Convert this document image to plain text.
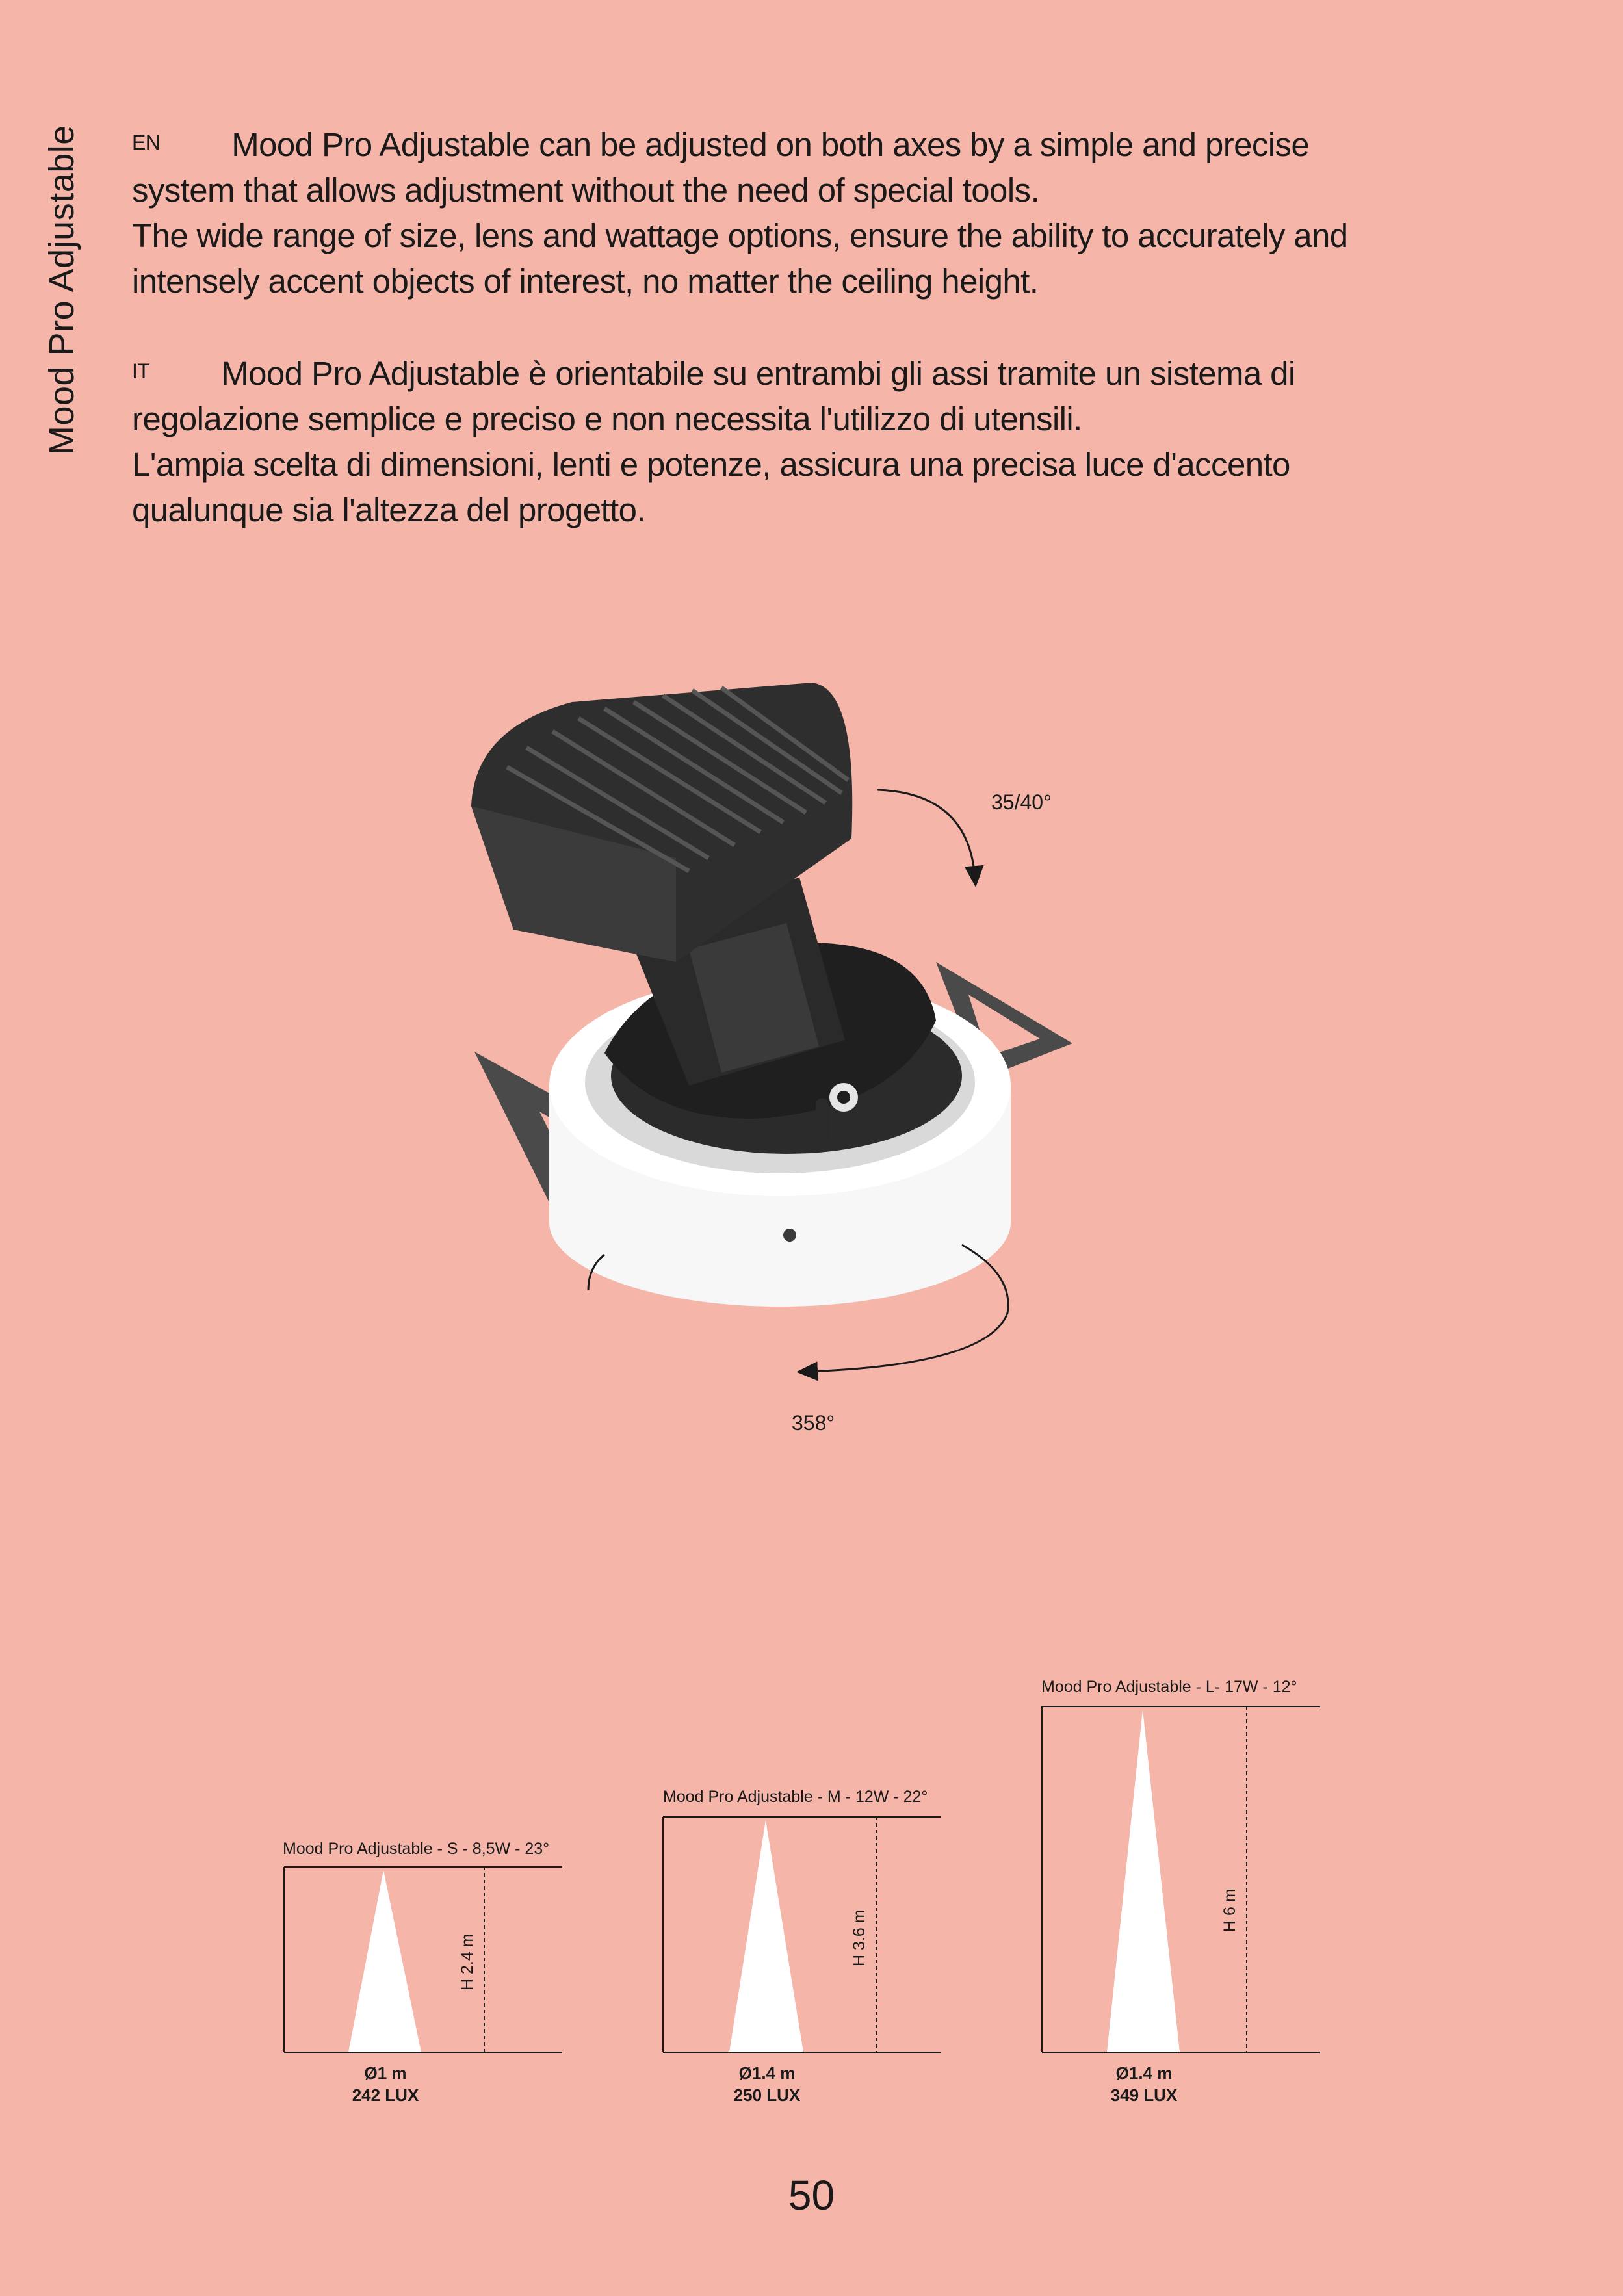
Mood Pro Adjustable	$^{EN}$ Mood Pro Adjustable can be adjusted on both axes by a simple and precise

system that allows adjustment without the need of special tools.

The wide range of size, lens and wattage options, ensure the ability to accurately and

intensely accent objects of interest, no matter the ceiling height.

$^{IT}$ Mood Pro Adjustable è orientabile su entrambi gli assi tramite un sistema di

regolazione semplice e preciso e non necessita l'utilizzo di utensili.

L'ampia scelta di dimensioni, lenti e potenze, assicura una precisa luce d'accento

qualunque sia l'altezza del progetto.

35/40°
358°
Mood Pro Adjustable - S - 8,5W - 23°
H 2.4 m
Ø1 m
242 LUX
Mood Pro Adjustable - M - 12W - 22°
H 3.6 m
Ø1.4 m
250 LUX
Mood Pro Adjustable - L- 17W - 12°
H 6 m
Ø1.4 m
349 LUX
50
